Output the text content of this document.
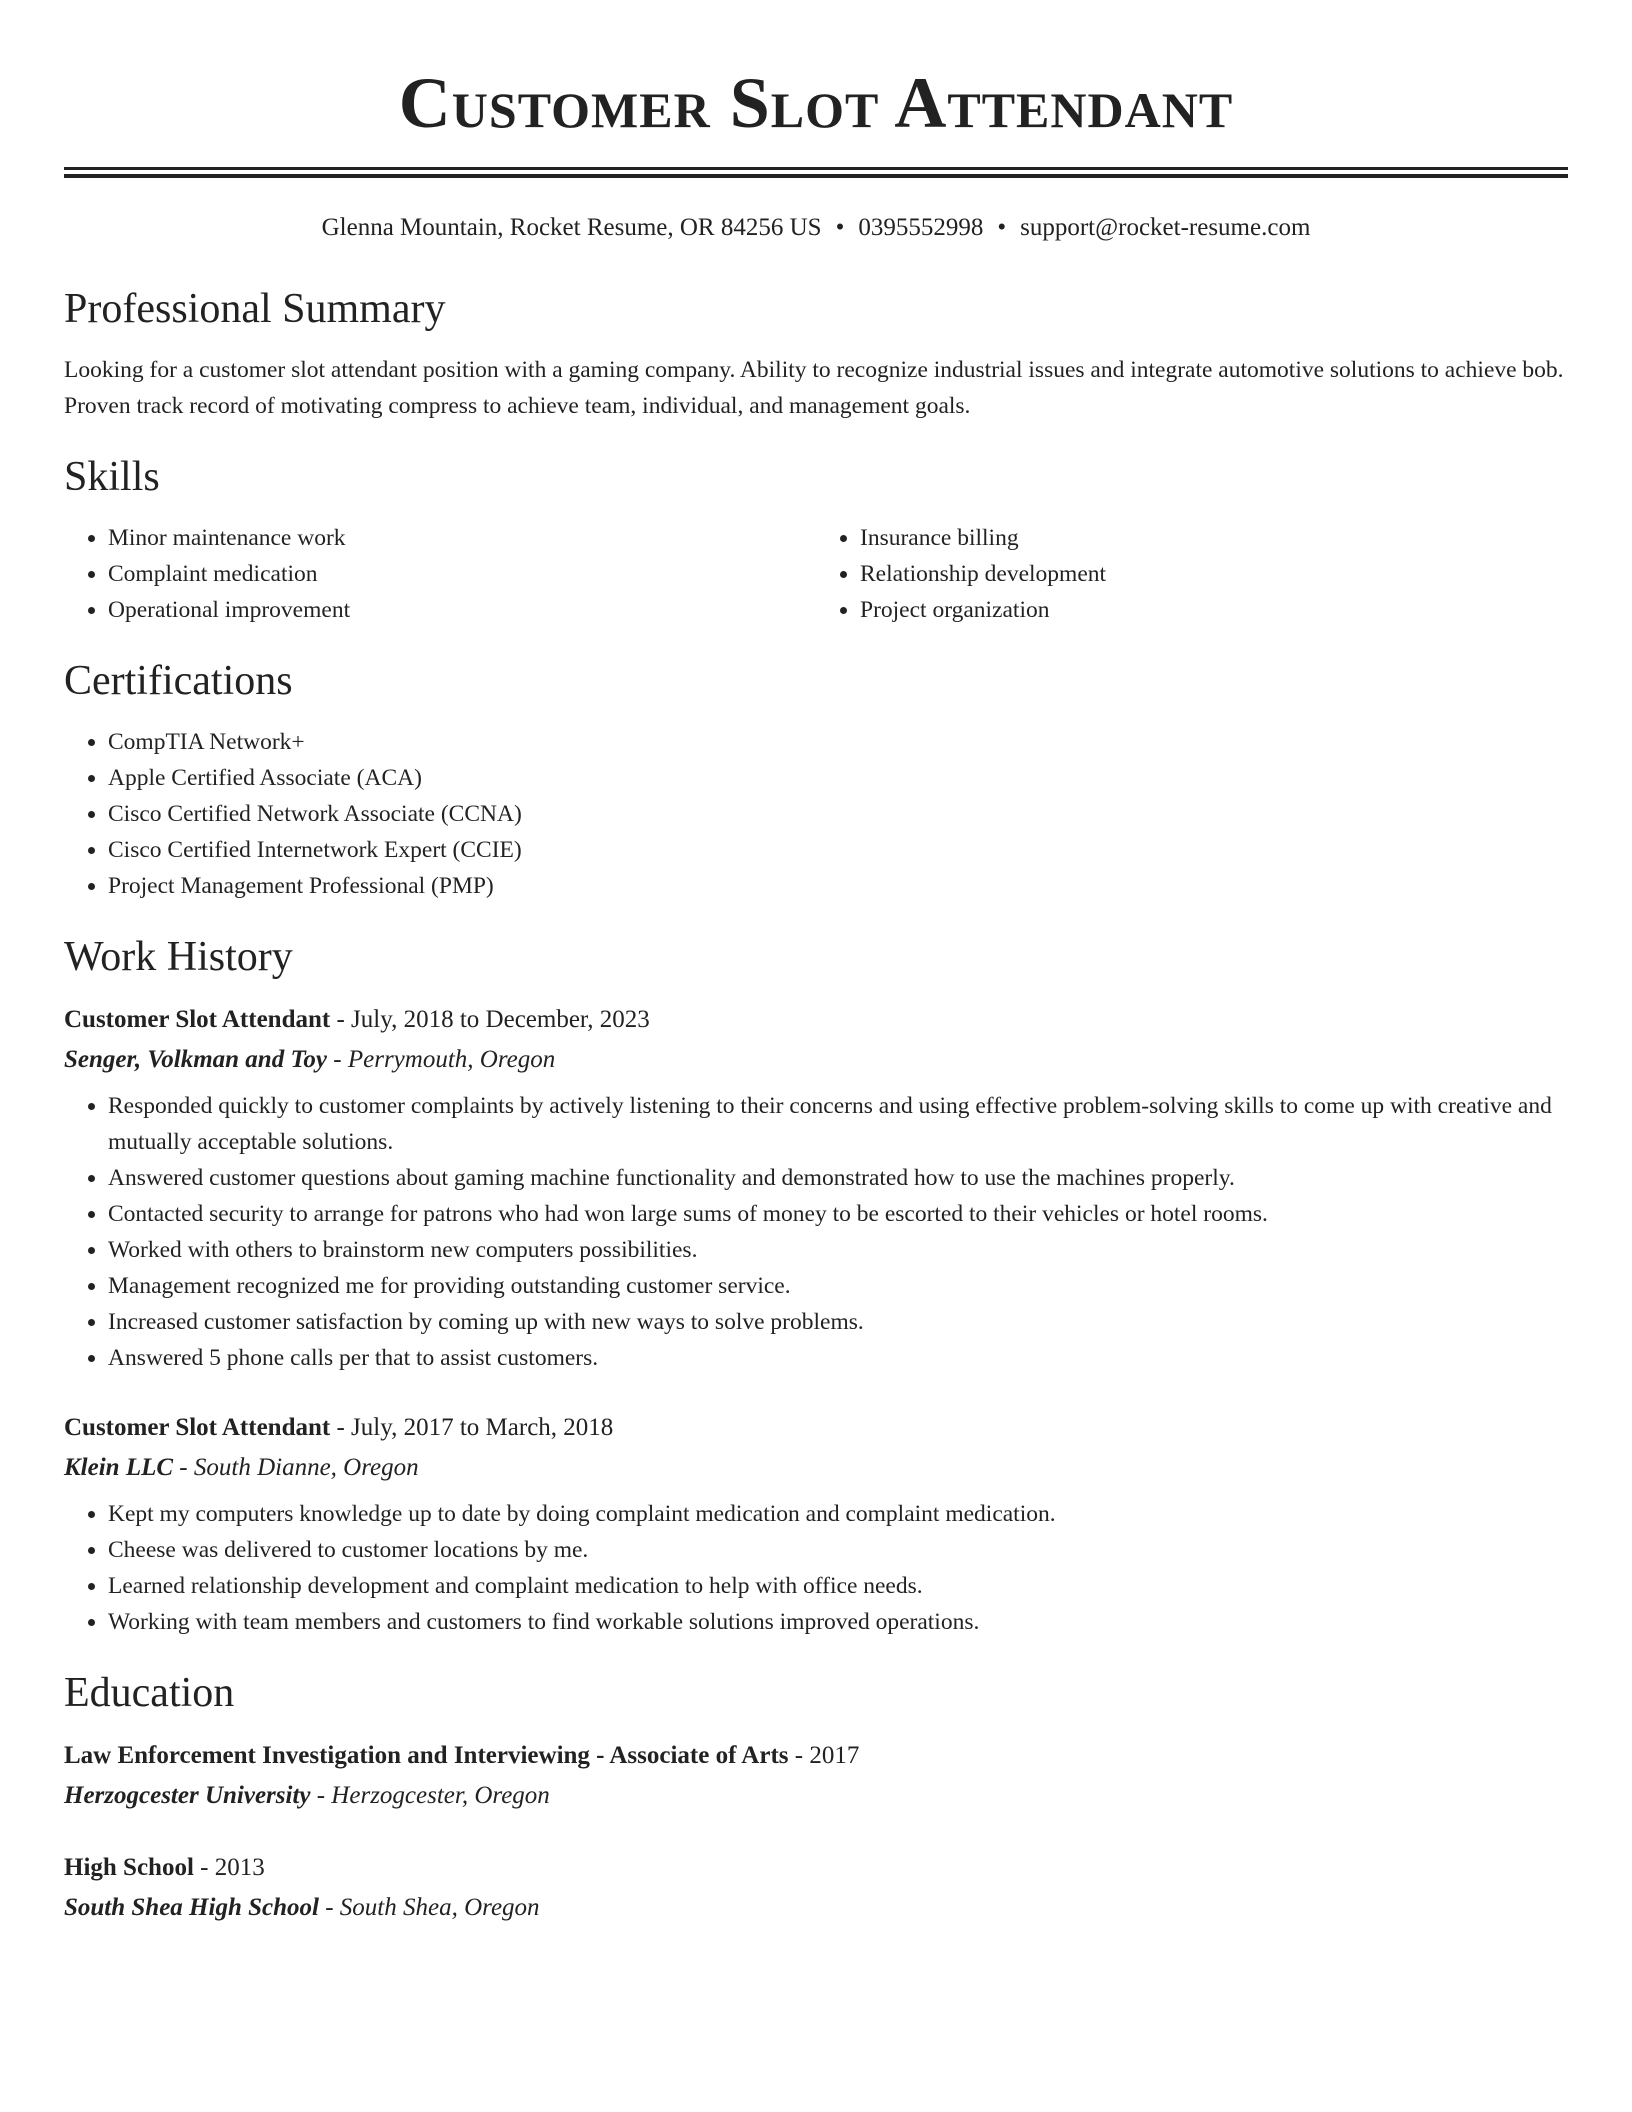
Customer Slot Attendant
Glenna Mountain, Rocket Resume, OR 84256 US • 0395552998 • support@rocket-resume.com
Professional Summary

Looking for a customer slot attendant position with a gaming company. Ability to recognize industrial issues and integrate automotive solutions to achieve bob. Proven track record of motivating compress to achieve team, individual, and management goals.

Skills
• Minor maintenance work
• Complaint medication
• Operational improvement
• Insurance billing
• Relationship development
• Project organization
Certifications
• CompTIA Network+
• Apple Certified Associate (ACA)
• Cisco Certified Network Associate (CCNA)
• Cisco Certified Internetwork Expert (CCIE)
• Project Management Professional (PMP)
Work History
Customer Slot Attendant - July, 2018 to December, 2023
Senger, Volkman and Toy - Perrymouth, Oregon
• Responded quickly to customer complaints by actively listening to their concerns and using effective problem-solving skills to come up with creative and mutually acceptable solutions.
• Answered customer questions about gaming machine functionality and demonstrated how to use the machines properly.
• Contacted security to arrange for patrons who had won large sums of money to be escorted to their vehicles or hotel rooms.
• Worked with others to brainstorm new computers possibilities.
• Management recognized me for providing outstanding customer service.
• Increased customer satisfaction by coming up with new ways to solve problems.
• Answered 5 phone calls per that to assist customers.
Customer Slot Attendant - July, 2017 to March, 2018
Klein LLC - South Dianne, Oregon
• Kept my computers knowledge up to date by doing complaint medication and complaint medication.
• Cheese was delivered to customer locations by me.
• Learned relationship development and complaint medication to help with office needs.
• Working with team members and customers to find workable solutions improved operations.
Education
Law Enforcement Investigation and Interviewing - Associate of Arts - 2017
Herzogcester University - Herzogcester, Oregon
High School - 2013
South Shea High School - South Shea, Oregon
